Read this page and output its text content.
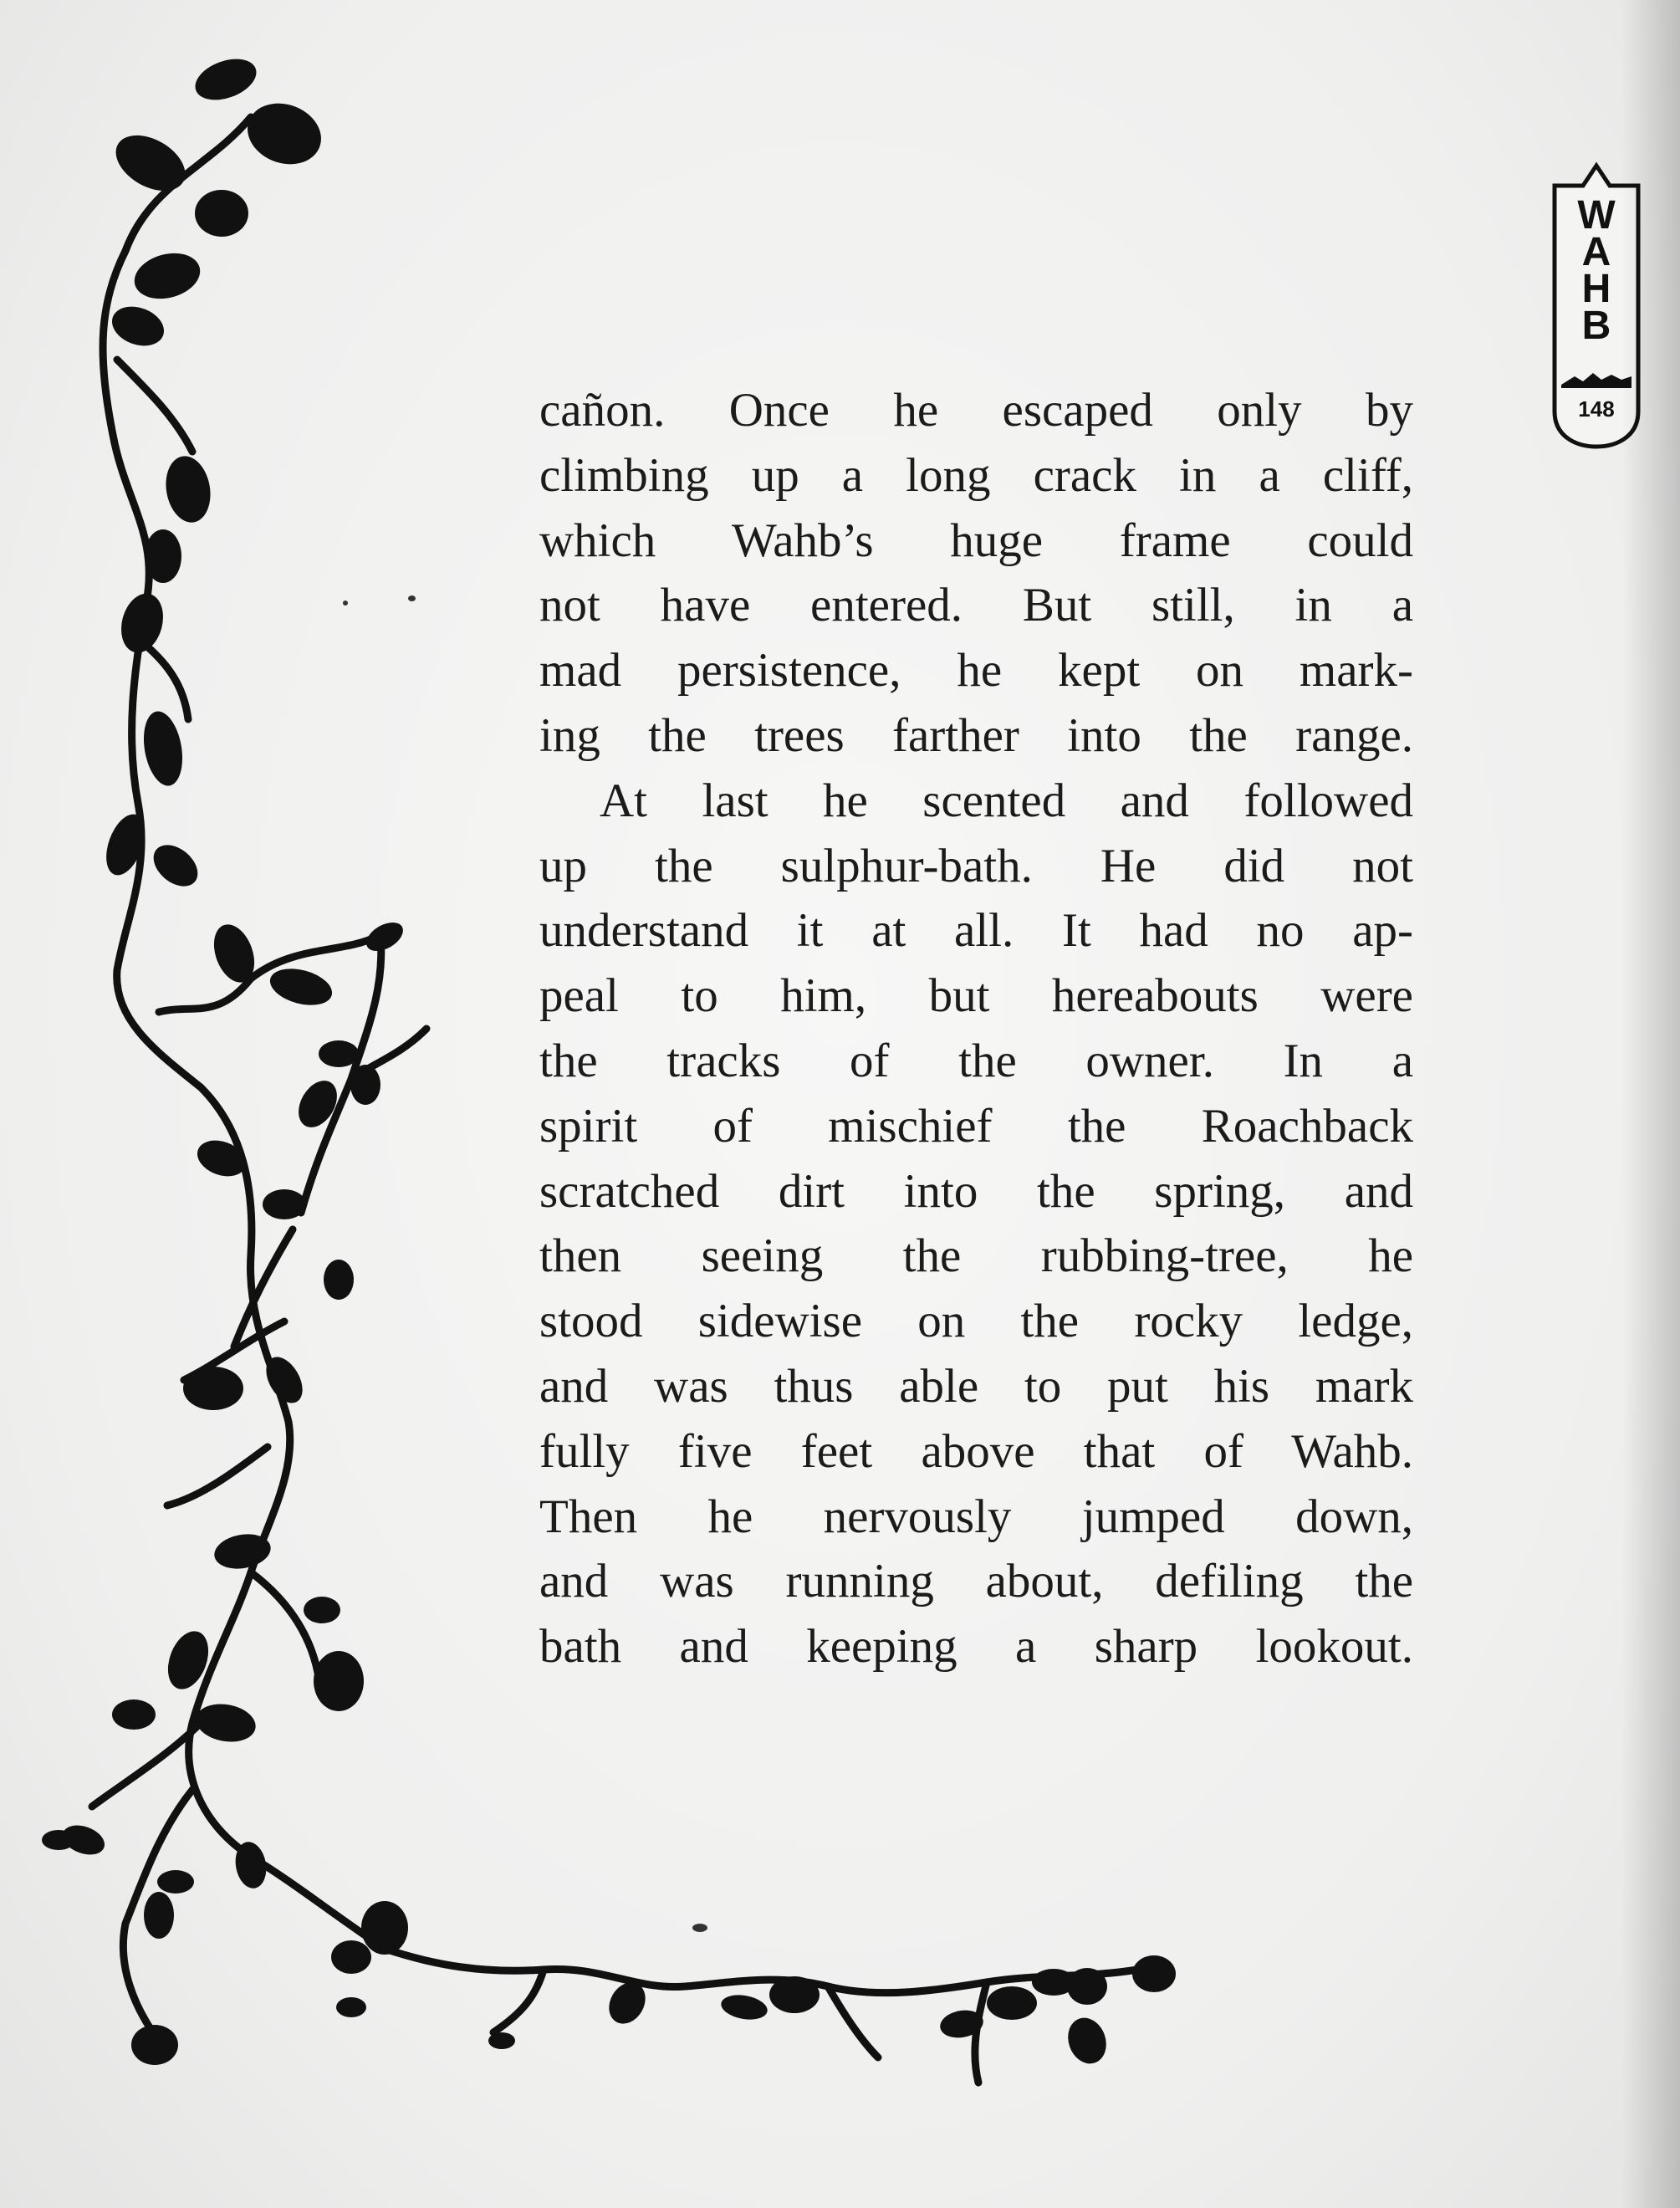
W
A
H
B
148

cañon. Once he escaped only by
climbing up a long crack in a cliff,
which Wahb’s huge frame could
not have entered. But still, in a
mad persistence, he kept on mark-
ing the trees farther into the range.
At last he scented and followed
up the sulphur-bath. He did not
understand it at all. It had no ap-
peal to him, but hereabouts were
the tracks of the owner. In a
spirit of mischief the Roachback
scratched dirt into the spring, and
then seeing the rubbing-tree, he
stood sidewise on the rocky ledge,
and was thus able to put his mark
fully five feet above that of Wahb.
Then he nervously jumped down,
and was running about, defiling the
bath and keeping a sharp lookout.
